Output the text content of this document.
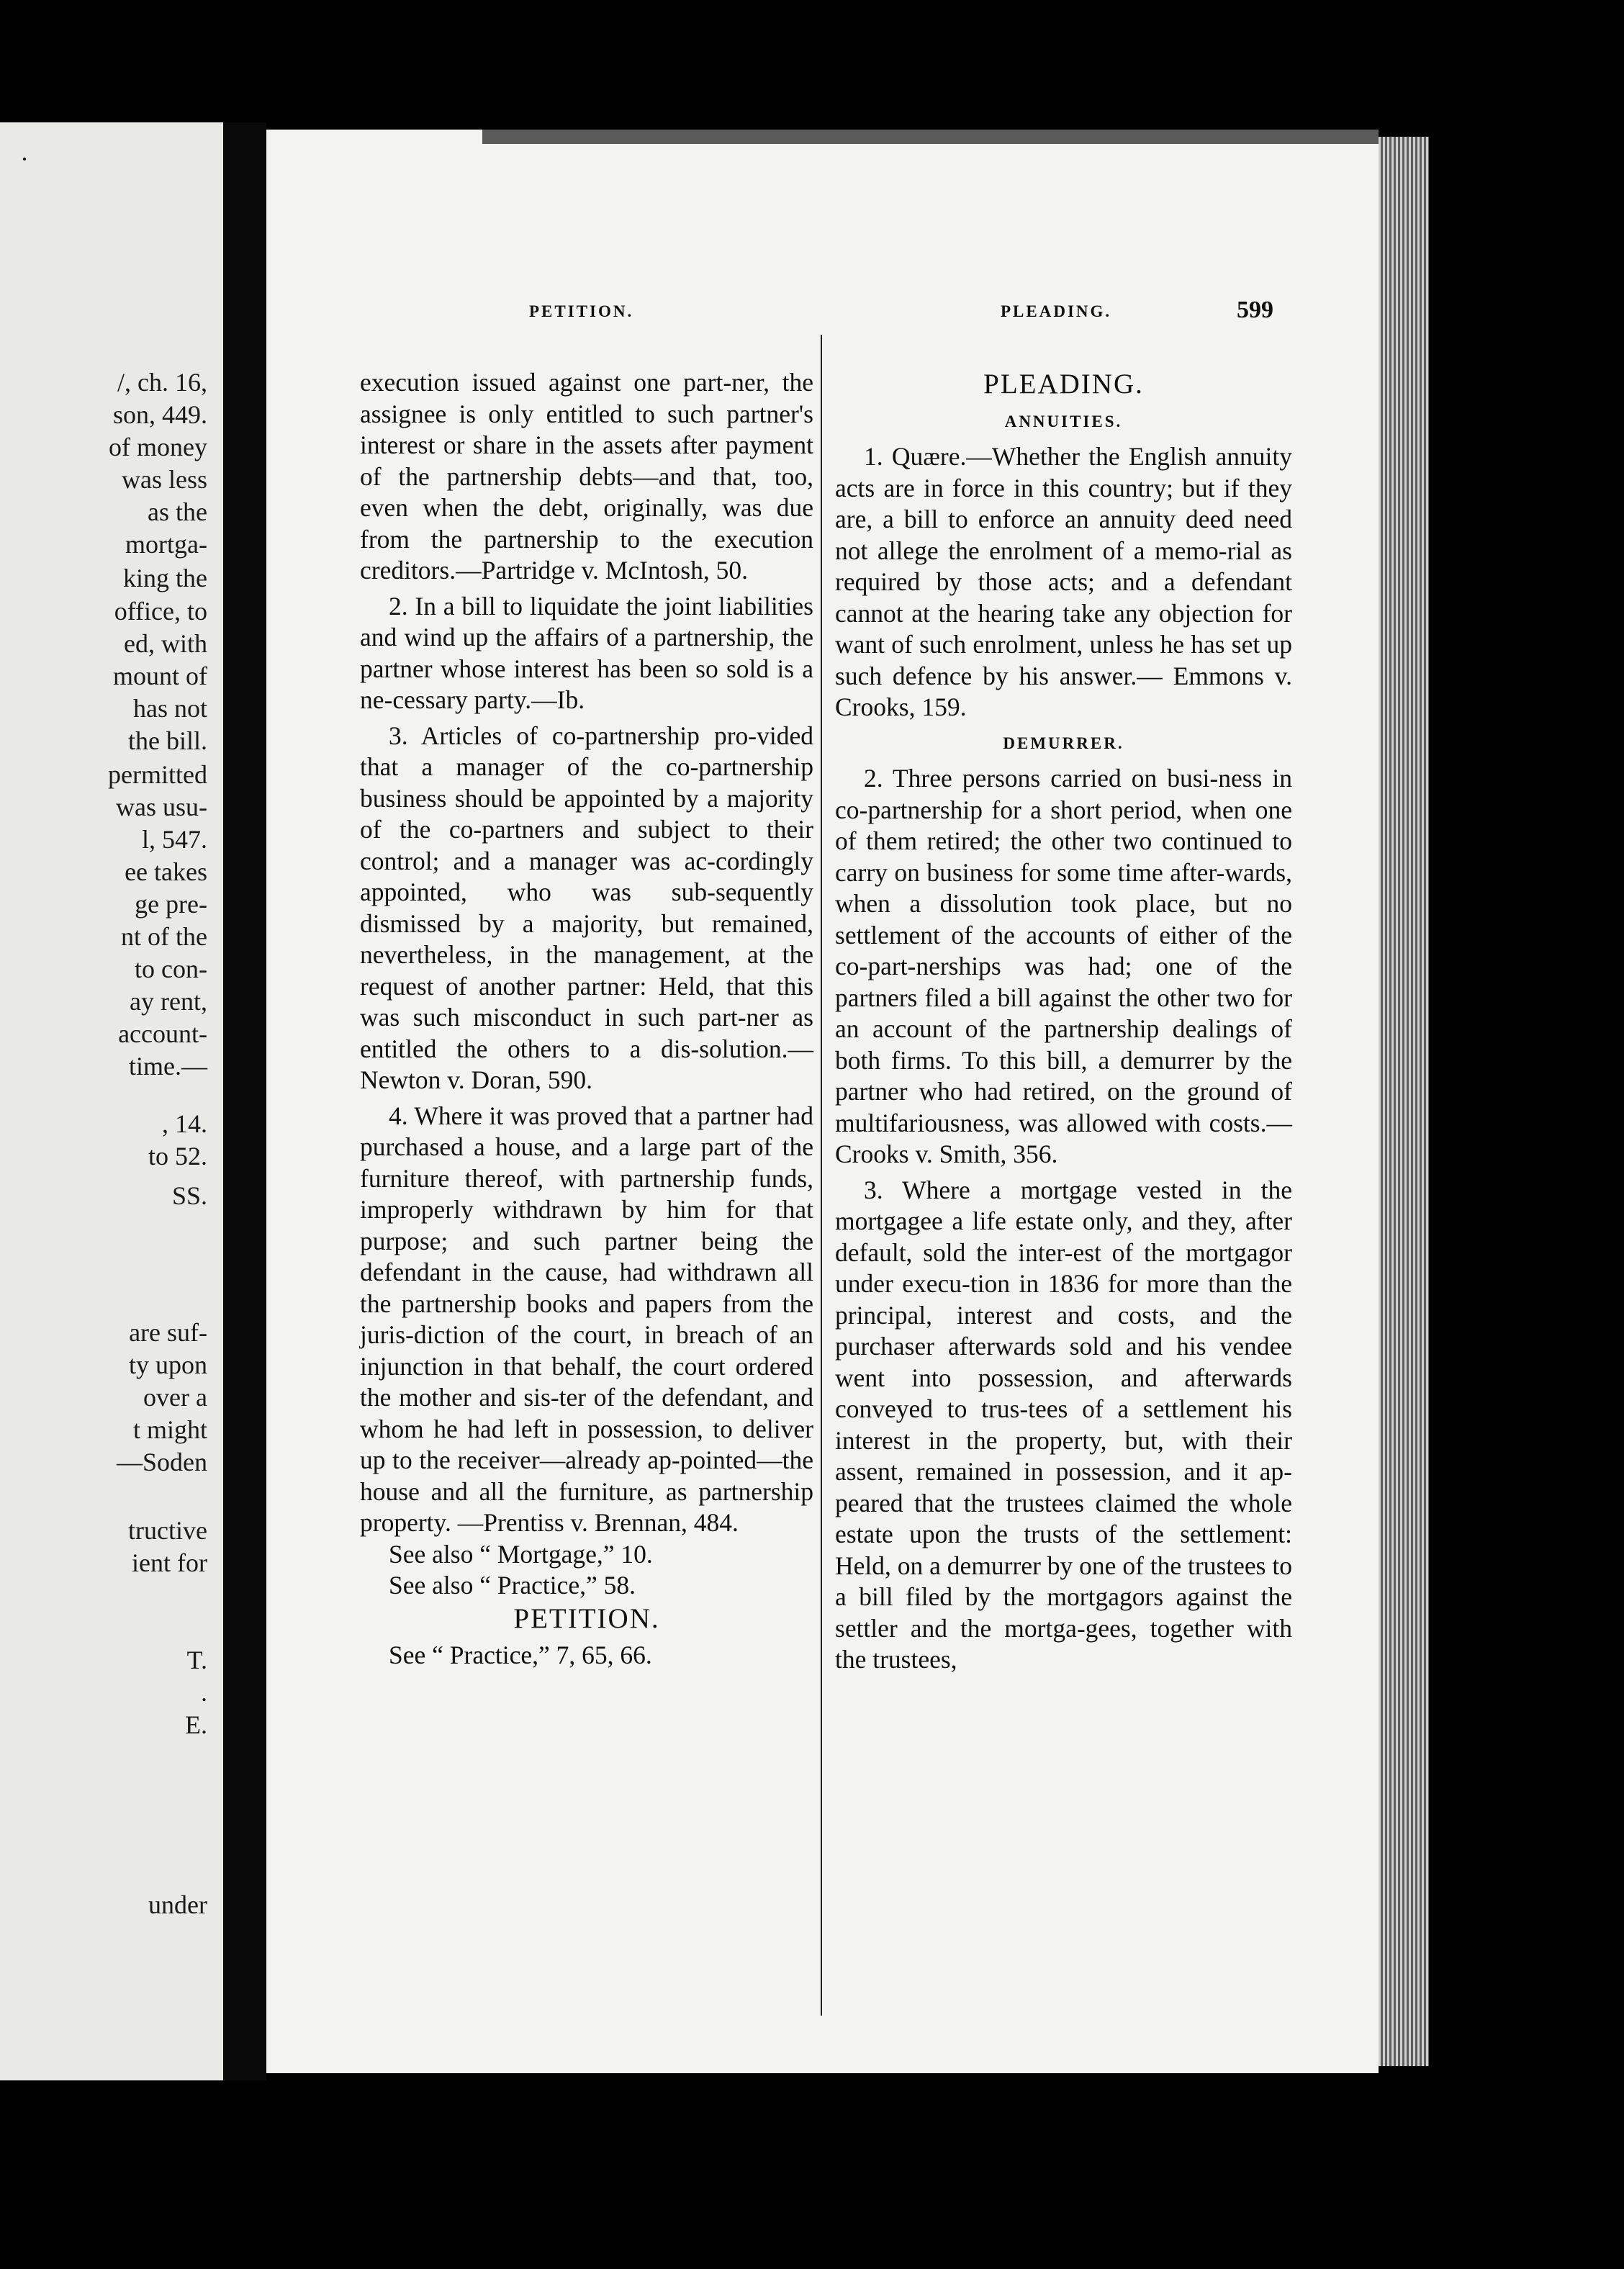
·
/, ch. 16,
son, 449.
of money
was less
as the
mortga-
king the
office, to
ed, with
mount of
has not
the bill.
permitted
was usu-
l, 547.
ee takes
ge pre-
nt of the
to con-
ay rent,
account-
time.—
, 14.
to 52.
SS.
are suf-
ty upon
over a
t might
—Soden
tructive
ient for
T.
.
E.
under
PETITION.	PLEADING.	599

execution issued against one part-ner, the assignee is only entitled to such partner's interest or share in the assets after payment of the partnership debts—and that, too, even when the debt, originally, was due from the partnership to the execution creditors.—Partridge v. McIntosh, 50.

2. In a bill to liquidate the joint liabilities and wind up the affairs of a partnership, the partner whose interest has been so sold is a ne-cessary party.—Ib.

3. Articles of co-partnership pro-vided that a manager of the co-partnership business should be appointed by a majority of the co-partners and subject to their control; and a manager was ac-cordingly appointed, who was sub-sequently dismissed by a majority, but remained, nevertheless, in the management, at the request of another partner: Held, that this was such misconduct in such part-ner as entitled the others to a dis-solution.—Newton v. Doran, 590.

4. Where it was proved that a partner had purchased a house, and a large part of the furniture thereof, with partnership funds, improperly withdrawn by him for that purpose; and such partner being the defendant in the cause, had withdrawn all the partnership books and papers from the juris-diction of the court, in breach of an injunction in that behalf, the court ordered the mother and sis-ter of the defendant, and whom he had left in possession, to deliver up to the receiver—already ap-pointed—the house and all the furniture, as partnership property. —Prentiss v. Brennan, 484.

See also “ Mortgage,” 10.

See also “ Practice,” 58.

PETITION.

See “ Practice,” 7, 65, 66.

PLEADING.
ANNUITIES.

1. Quære.—Whether the English annuity acts are in force in this country; but if they are, a bill to enforce an annuity deed need not allege the enrolment of a memo-rial as required by those acts; and a defendant cannot at the hearing take any objection for want of such enrolment, unless he has set up such defence by his answer.— Emmons v. Crooks, 159.

DEMURRER.

2. Three persons carried on busi-ness in co-partnership for a short period, when one of them retired; the other two continued to carry on business for some time after-wards, when a dissolution took place, but no settlement of the accounts of either of the co-part-nerships was had; one of the partners filed a bill against the other two for an account of the partnership dealings of both firms. To this bill, a demurrer by the partner who had retired, on the ground of multifariousness, was allowed with costs.—Crooks v. Smith, 356.

3. Where a mortgage vested in the mortgagee a life estate only, and they, after default, sold the inter-est of the mortgagor under execu-tion in 1836 for more than the principal, interest and costs, and the purchaser afterwards sold and his vendee went into possession, and afterwards conveyed to trus-tees of a settlement his interest in the property, but, with their assent, remained in possession, and it ap-peared that the trustees claimed the whole estate upon the trusts of the settlement: Held, on a demurrer by one of the trustees to a bill filed by the mortgagors against the settler and the mortga-gees, together with the trustees,
